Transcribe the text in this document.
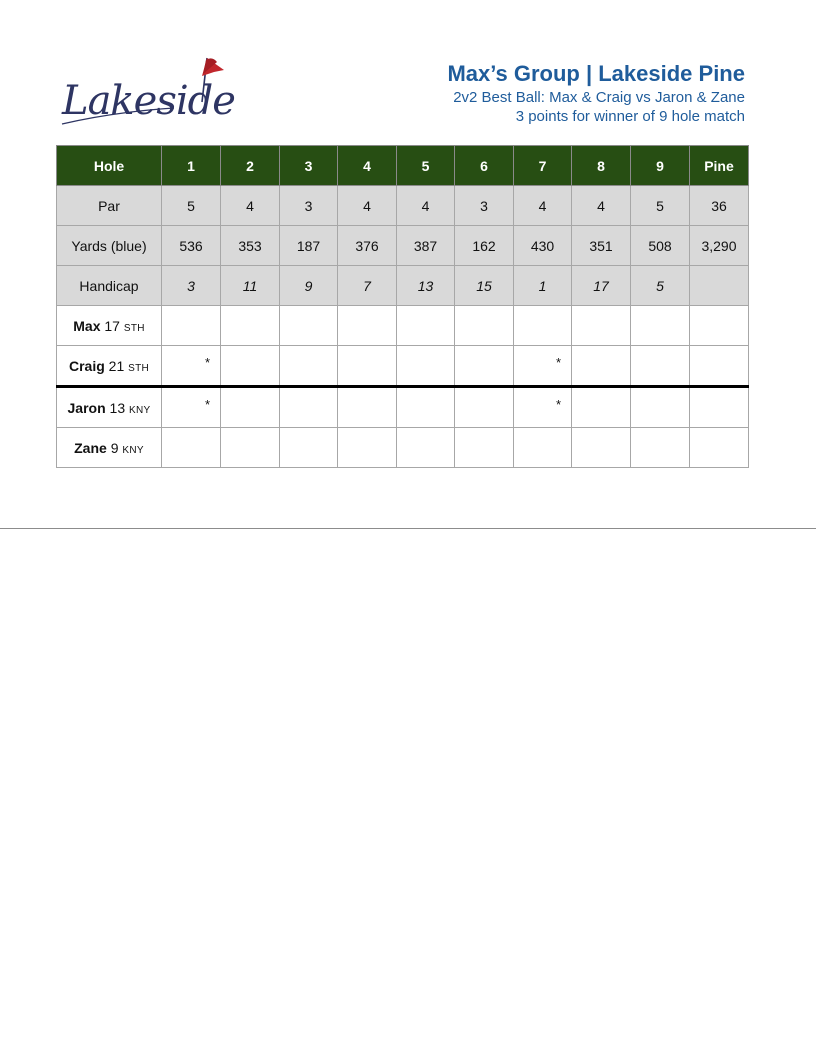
Lakeside
Max’s Group | Lakeside Pine
2v2 Best Ball: Max & Craig vs Jaron & Zane
3 points for winner of 9 hole match
Hole	1	2	3	4	5	6	7	8	9	Pine
Par	5	4	3	4	4	3	4	4	5	36
Yards (blue)	536	353	187	376	387	162	430	351	508	3,290
Handicap	3	11	9	7	13	15	1	17	5	
Max 17 STH	

Craig 21 STH	*						*			

Jaron 13 KNY	*						*			

Zane 9 KNY	
